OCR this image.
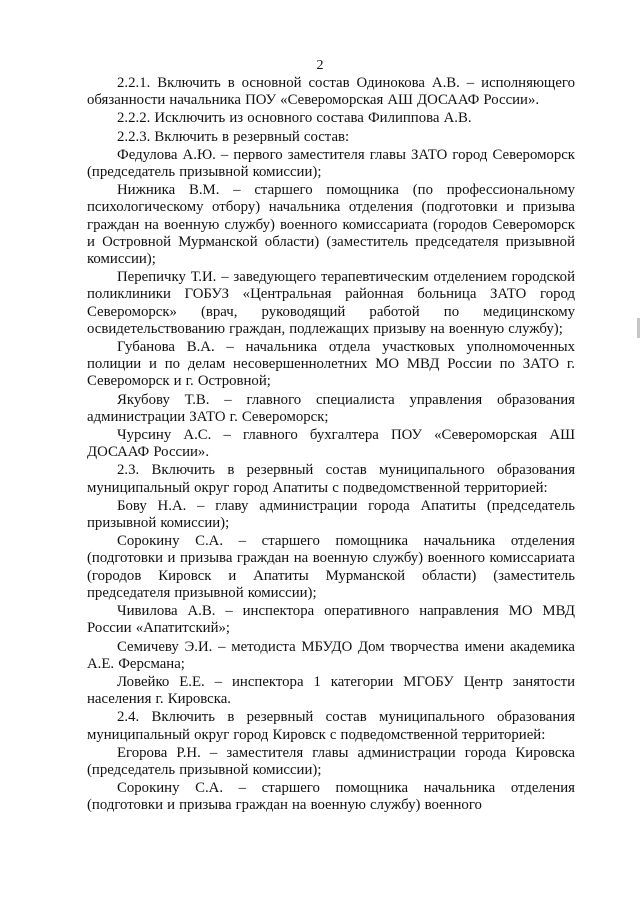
2

2.2.1. Включить в основной состав Одинокова А.В. – исполняющего обязанности начальника ПОУ «Североморская АШ ДОСААФ России».

2.2.2. Исключить из основного состава Филиппова А.В.

2.2.3. Включить в резервный состав:

Федулова А.Ю. – первого заместителя главы ЗАТО город Североморск (председатель призывной комиссии);

Нижника В.М. – старшего помощника (по профессиональному психологическому отбору) начальника отделения (подготовки и призыва граждан на военную службу) военного комиссариата (городов Североморск и Островной Мурманской области) (заместитель председателя призывной комиссии);

Перепичку Т.И. – заведующего терапевтическим отделением городской поликлиники ГОБУЗ «Центральная районная больница ЗАТО город Североморск» (врач, руководящий работой по медицинскому освидетельствованию граждан, подлежащих призыву на военную службу);

Губанова В.А. – начальника отдела участковых уполномоченных полиции и по делам несовершеннолетних МО МВД России по ЗАТО г. Североморск и г. Островной;

Якубову Т.В. – главного специалиста управления образования администрации ЗАТО г. Североморск;

Чурсину А.С. – главного бухгалтера ПОУ «Североморская АШ ДОСААФ России».

2.3. Включить в резервный состав муниципального образования муниципальный округ город Апатиты с подведомственной территорией:

Бову Н.А. – главу администрации города Апатиты (председатель призывной комиссии);

Сорокину С.А. – старшего помощника начальника отделения (подготовки и призыва граждан на военную службу) военного комиссариата (городов Кировск и Апатиты Мурманской области) (заместитель председателя призывной комиссии);

Чивилова А.В. – инспектора оперативного направления МО МВД России «Апатитский»;

Семичеву Э.И. – методиста МБУДО Дом творчества имени академика А.Е. Ферсмана;

Ловейко Е.Е. – инспектора 1 категории МГОБУ Центр занятости населения г. Кировска.

2.4. Включить в резервный состав муниципального образования муниципальный округ город Кировск с подведомственной территорией:

Егорова Р.Н. – заместителя главы администрации города Кировска (председатель призывной комиссии);

Сорокину С.А. – старшего помощника начальника отделения (подготовки и призыва граждан на военную службу) военного
